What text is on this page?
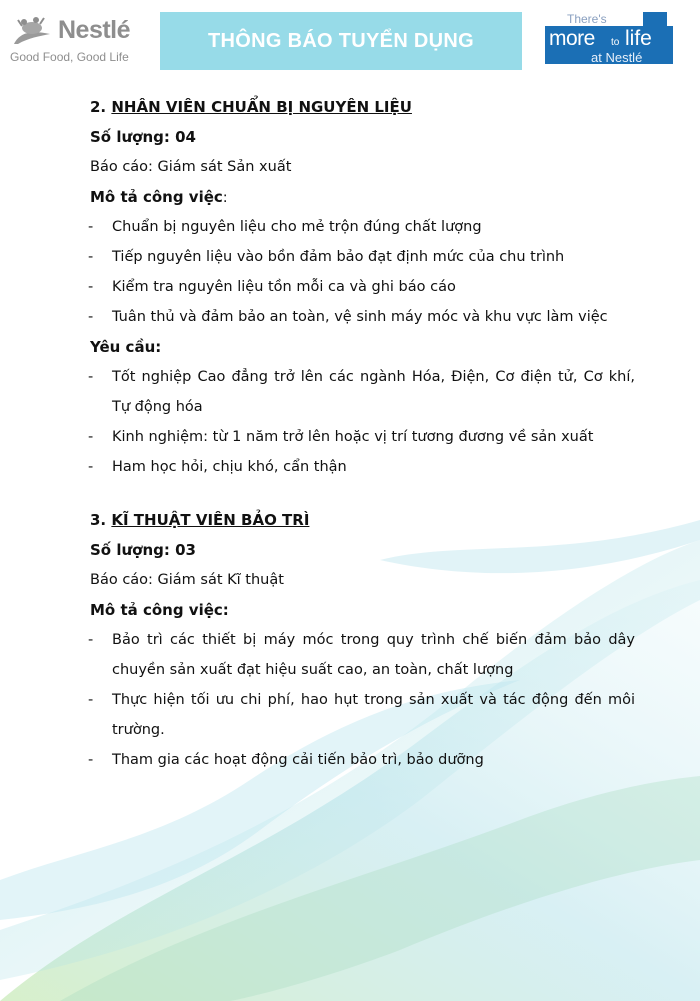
Nestlé
Good Food, Good Life
THÔNG BÁO TUYỂN DỤNG
There's
more to life
at Nestlé

2. NHÂN VIÊN CHUẨN BỊ NGUYÊN LIỆU

Số lượng: 04

Báo cáo: Giám sát Sản xuất

Mô tả công việc:

- Chuẩn bị nguyên liệu cho mẻ trộn đúng chất lượng
- Tiếp nguyên liệu vào bồn đảm bảo đạt định mức của chu trình
- Kiểm tra nguyên liệu tồn mỗi ca và ghi báo cáo
- Tuân thủ và đảm bảo an toàn, vệ sinh máy móc và khu vực làm việc

Yêu cầu:

- Tốt nghiệp Cao đẳng trở lên các ngành Hóa, Điện, Cơ điện tử, Cơ khí, Tự động hóa
- Kinh nghiệm: từ 1 năm trở lên hoặc vị trí tương đương về sản xuất
- Ham học hỏi, chịu khó, cẩn thận

3. KĨ THUẬT VIÊN BẢO TRÌ

Số lượng: 03

Báo cáo: Giám sát Kĩ thuật

Mô tả công việc:

- Bảo trì các thiết bị máy móc trong quy trình chế biến đảm bảo dây chuyền sản xuất đạt hiệu suất cao, an toàn, chất lượng
- Thực hiện tối ưu chi phí, hao hụt trong sản xuất và tác động đến môi trường.
- Tham gia các hoạt động cải tiến bảo trì, bảo dưỡng
